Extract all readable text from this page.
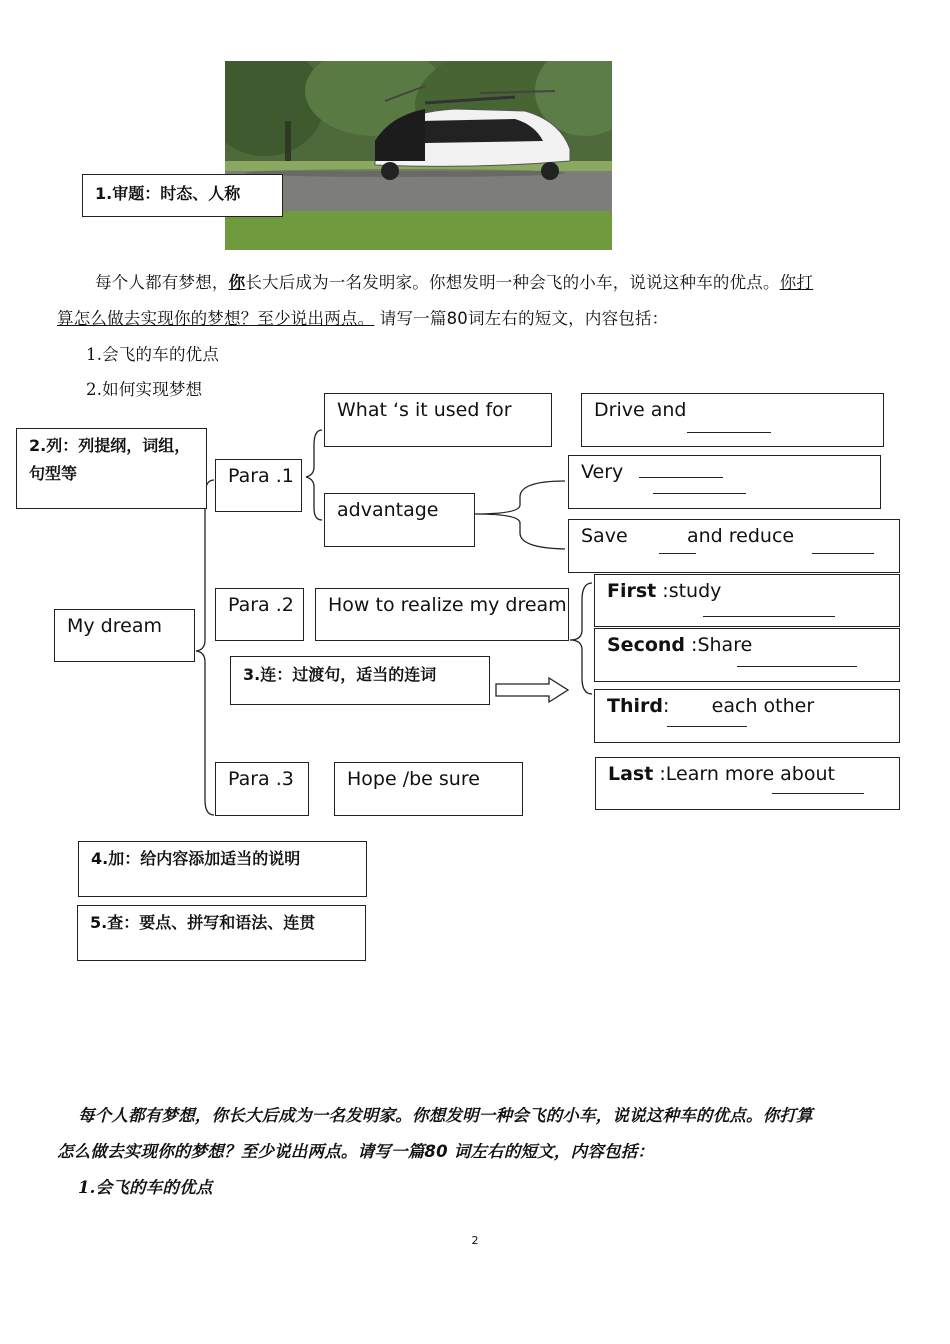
1.审题：时态、人称
每个人都有梦想，你长大后成为一名发明家。你想发明一种会飞的小车，说说这种车的优点。你打
算怎么做去实现你的梦想？至少说出两点。 请写一篇80词左右的短文，内容包括：
1.会飞的车的优点
2.如何实现梦想
2.列：列提纲，词组，
句型等
My dream
Para .1
Para .2
Para .3
What ‘s it used for
advantage
Drive and
Very
Save	and reduce
How to realize my dream
First :study
Second :Share
Third:       each other
Last :Learn more about
3.连：过渡句，适当的连词
Hope /be sure
4.加：给内容添加适当的说明
5.查：要点、拼写和语法、连贯
每个人都有梦想，你长大后成为一名发明家。你想发明一种会飞的小车，说说这种车的优点。你打算
怎么做去实现你的梦想？至少说出两点。请写一篇80 词左右的短文，内容包括：
1.会飞的车的优点
2
